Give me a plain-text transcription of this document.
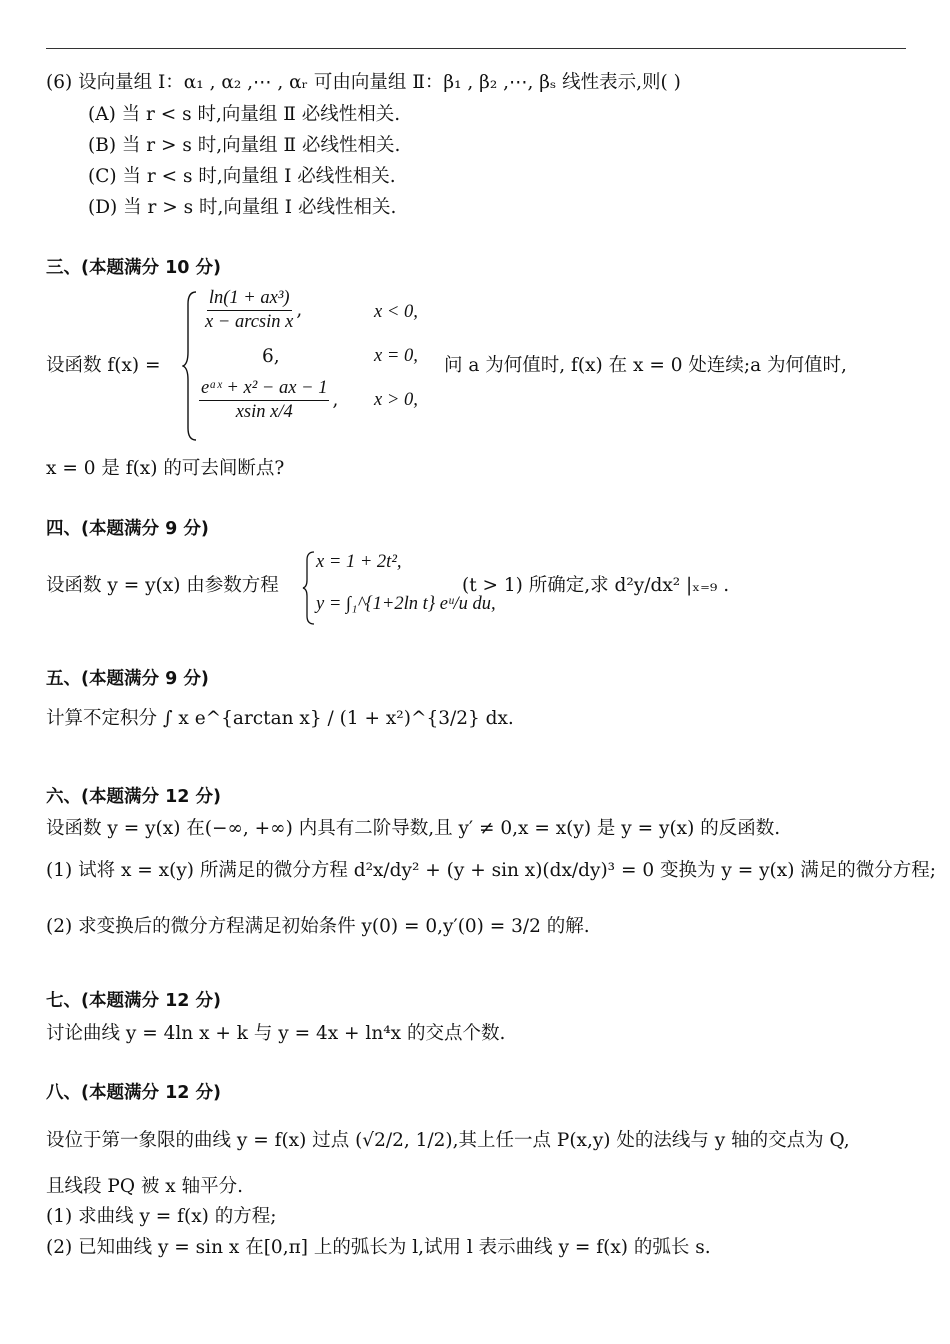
(6) 设向量组 Ⅰ：α₁ , α₂ ,⋯ , αᵣ 可由向量组 Ⅱ：β₁ , β₂ ,⋯, βₛ 线性表示,则( )
(A) 当 r < s 时,向量组 Ⅱ 必线性相关.
(B) 当 r > s 时,向量组 Ⅱ 必线性相关.
(C) 当 r < s 时,向量组 Ⅰ 必线性相关.
(D) 当 r > s 时,向量组 Ⅰ 必线性相关.
三、(本题满分 10 分)
设函数 f(x) =
$\frac{\text{ln(1 + ax³)}}{\text{x − arcsin x}}$ ,	x < 0,
6,	x = 0,
$\frac{\text{eᵃˣ + x² − ax − 1}}{\text{xsin x/4}}$ , x > 0,
问 a 为何值时, f(x) 在 x = 0 处连续;a 为何值时,
x = 0 是 f(x) 的可去间断点?
四、(本题满分 9 分)
设函数 y = y(x) 由参数方程
x = 1 + 2t²,
y = ∫₁^{1+2ln t} eᵘ/u du,
(t > 1) 所确定,求 d²y/dx² |ₓ₌₉ .
五、(本题满分 9 分)
计算不定积分 ∫ x e^{arctan x} / (1 + x²)^{3/2} dx.
六、(本题满分 12 分)
设函数 y = y(x) 在(−∞, +∞) 内具有二阶导数,且 y′ ≠ 0,x = x(y) 是 y = y(x) 的反函数.
(1) 试将 x = x(y) 所满足的微分方程 d²x/dy² + (y + sin x)(dx/dy)³ = 0 变换为 y = y(x) 满足的微分方程;
(2) 求变换后的微分方程满足初始条件 y(0) = 0,y′(0) = 3/2 的解.
七、(本题满分 12 分)
讨论曲线 y = 4ln x + k 与 y = 4x + ln⁴x 的交点个数.
八、(本题满分 12 分)
设位于第一象限的曲线 y = f(x) 过点 (√2/2, 1/2),其上任一点 P(x,y) 处的法线与 y 轴的交点为 Q,
且线段 PQ 被 x 轴平分.
(1) 求曲线 y = f(x) 的方程;
(2) 已知曲线 y = sin x 在[0,π] 上的弧长为 l,试用 l 表示曲线 y = f(x) 的弧长 s.
